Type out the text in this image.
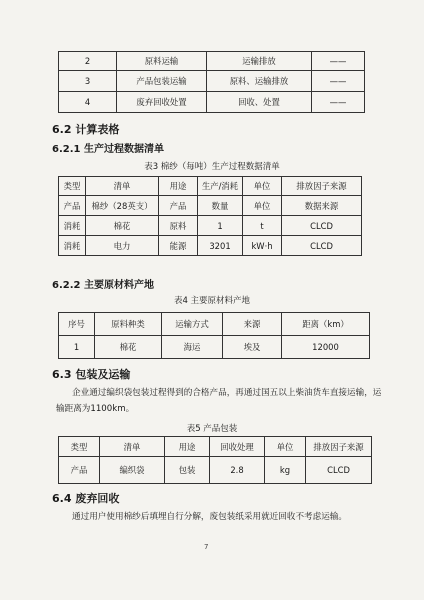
2	原料运输	运输排放	——
3	产品包装运输	原料、运输排放	——
4	废弃回收处置	回收、处置	——
6.2 计算表格
6.2.1 生产过程数据清单
表3 棉纱（每吨）生产过程数据清单
类型	清单	用途	生产/消耗	单位	排放因子来源
产品	棉纱（28英支）	产品	数量	单位	数据来源
消耗	棉花	原料	1	t	CLCD
消耗	电力	能源	3201	kW·h	CLCD
6.2.2 主要原材料产地
表4 主要原材料产地
序号	原料种类	运输方式	来源	距离（km）
1	棉花	海运	埃及	12000
6.3 包装及运输
企业通过编织袋包装过程得到的合格产品，再通过国五以上柴油货车直接运输，运
输距离为1100km。
表5 产品包装
类型	清单	用途	回收处理	单位	排放因子来源
产品	编织袋	包装	2.8	kg	CLCD
6.4 废弃回收
通过用户使用棉纱后填埋自行分解，废包装纸采用就近回收不考虑运输。
7
